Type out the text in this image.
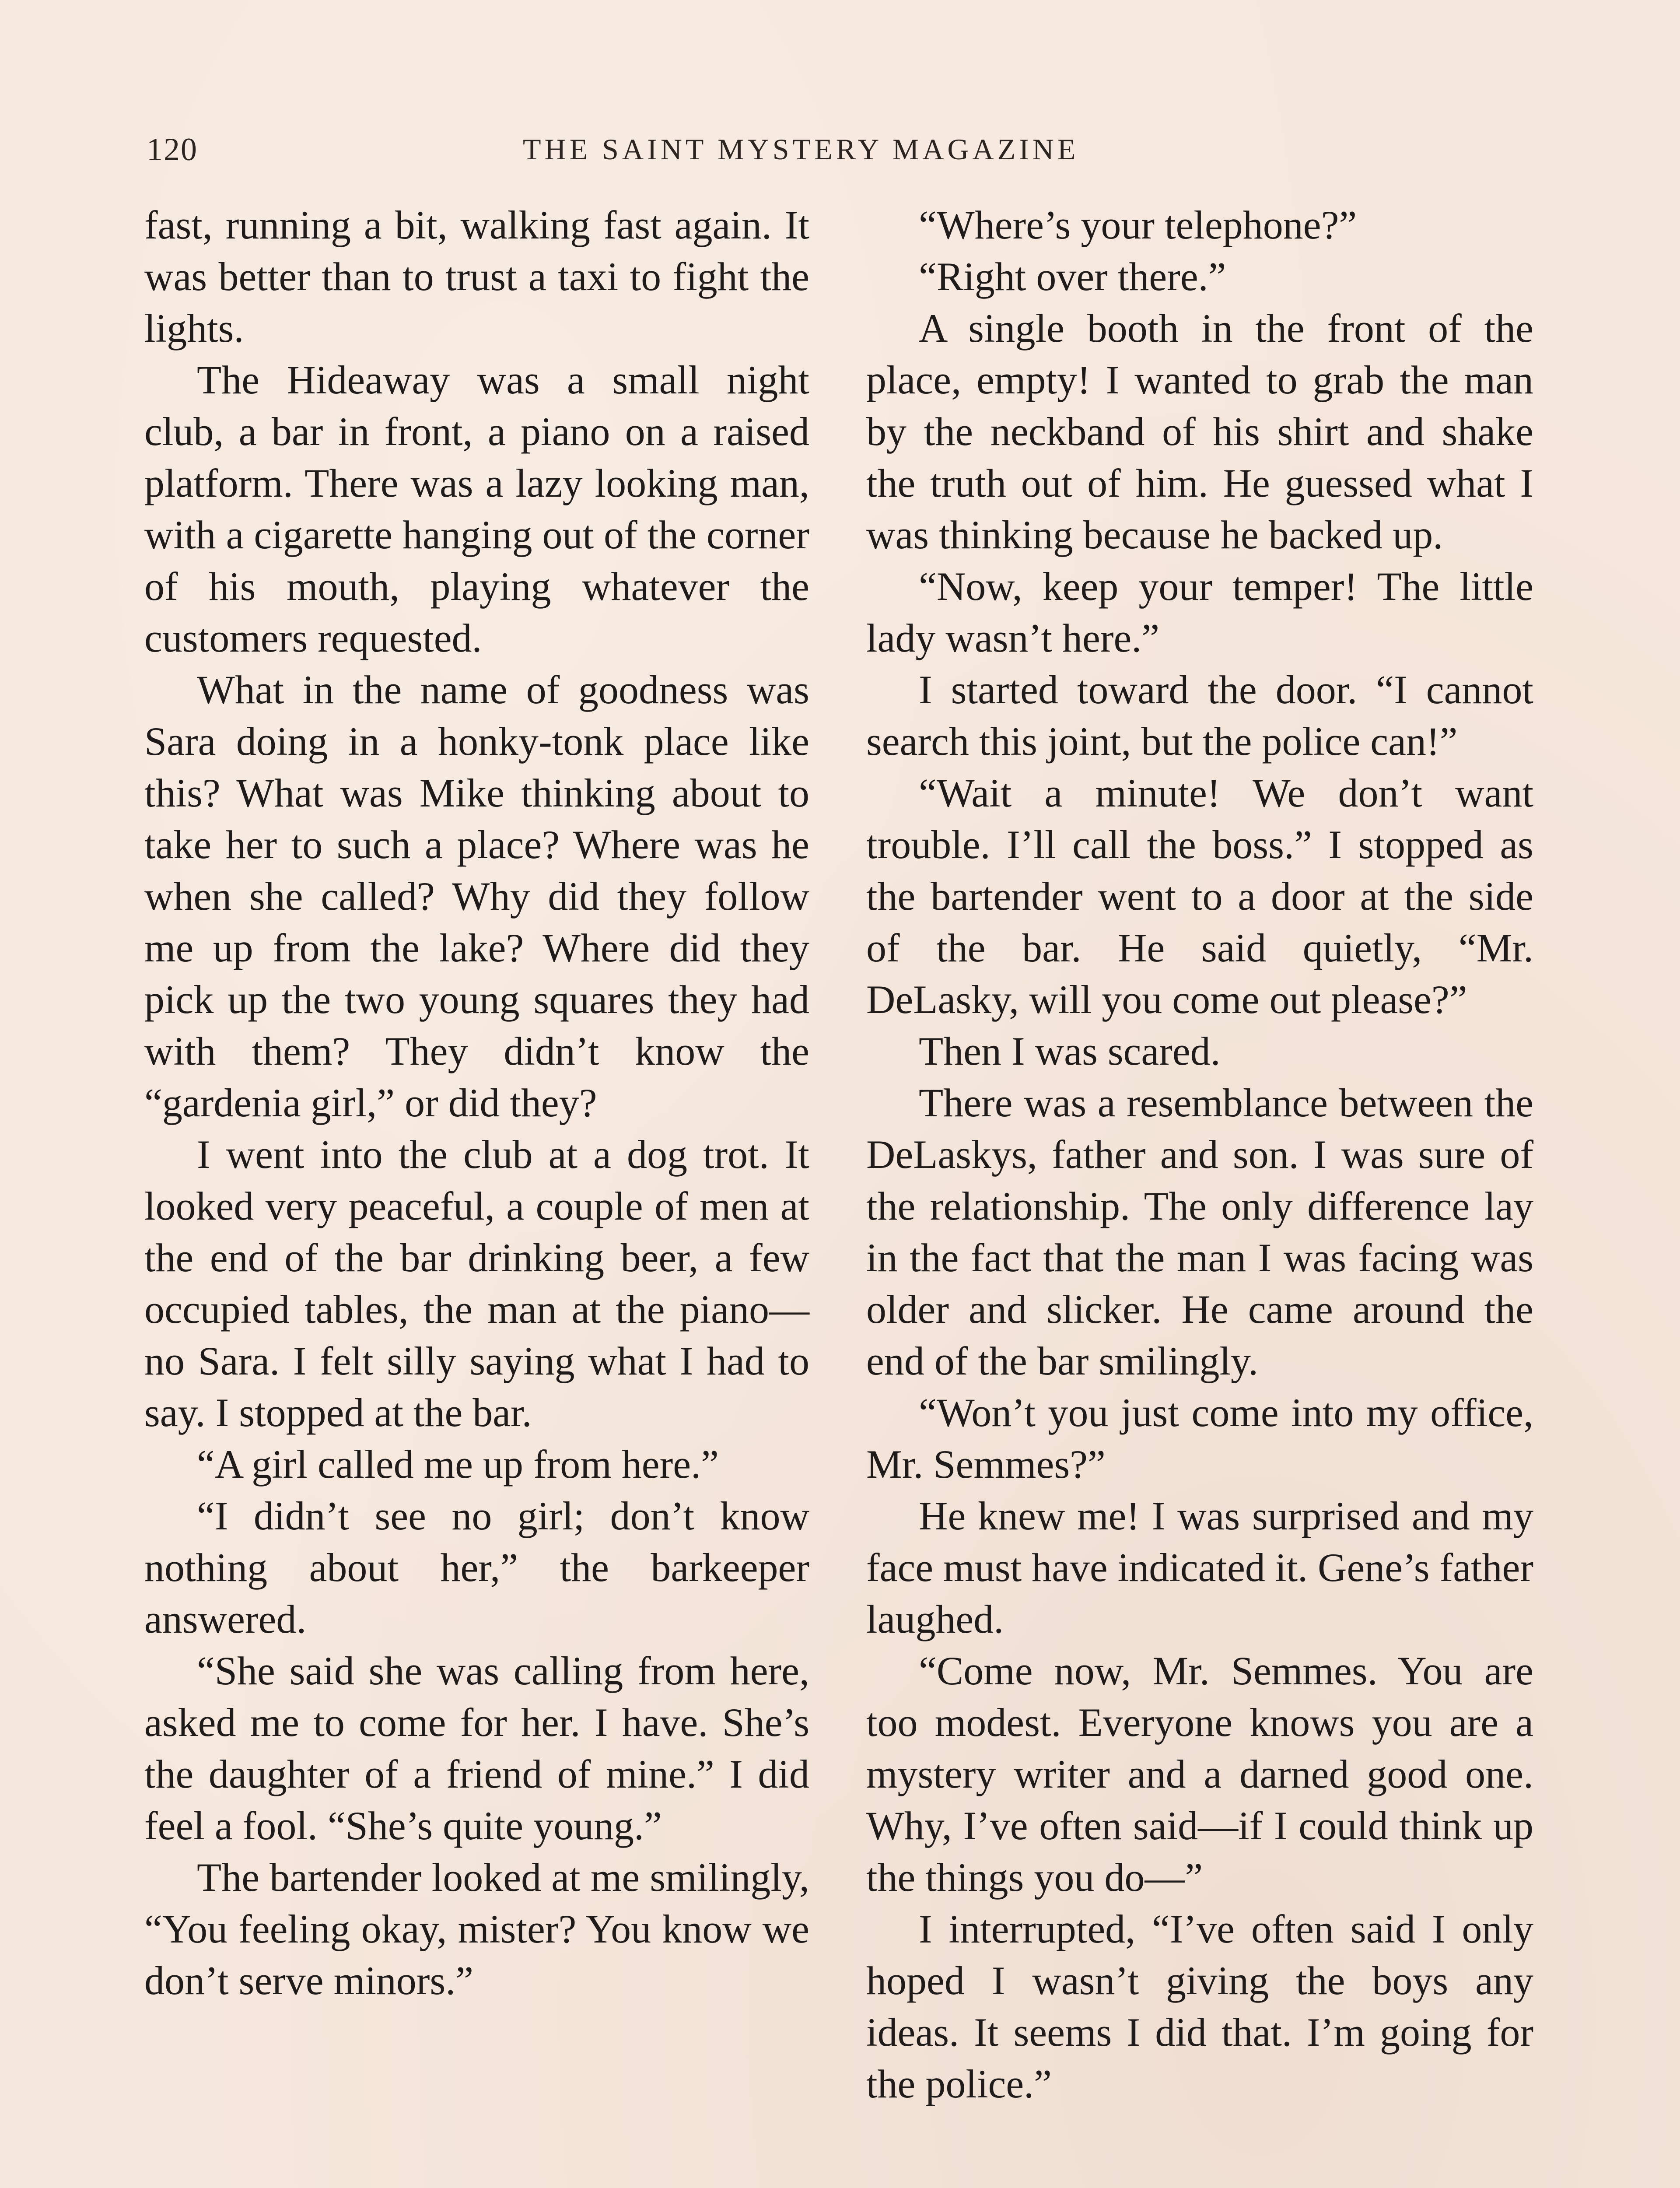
120	THE SAINT MYSTERY MAGAZINE

fast, running a bit, walking fast again. It was better than to trust a taxi to fight the lights.

The Hideaway was a small night club, a bar in front, a piano on a raised platform. There was a lazy looking man, with a cigarette hanging out of the corner of his mouth, playing whatever the customers requested.

What in the name of goodness was Sara doing in a honky-tonk place like this? What was Mike thinking about to take her to such a place? Where was he when she called? Why did they follow me up from the lake? Where did they pick up the two young squares they had with them? They didn’t know the “gardenia girl,” or did they?

I went into the club at a dog trot. It looked very peaceful, a couple of men at the end of the bar drinking beer, a few occupied tables, the man at the piano—no Sara. I felt silly saying what I had to say. I stopped at the bar.

“A girl called me up from here.”

“I didn’t see no girl; don’t know nothing about her,” the barkeeper answered.

“She said she was calling from here, asked me to come for her. I have. She’s the daughter of a friend of mine.” I did feel a fool. “She’s quite young.”

The bartender looked at me smilingly, “You feeling okay, mister? You know we don’t serve minors.”

“Where’s your telephone?”

“Right over there.”

A single booth in the front of the place, empty! I wanted to grab the man by the neckband of his shirt and shake the truth out of him. He guessed what I was thinking because he backed up.

“Now, keep your temper! The little lady wasn’t here.”

I started toward the door. “I cannot search this joint, but the police can!”

“Wait a minute! We don’t want trouble. I’ll call the boss.” I stopped as the bartender went to a door at the side of the bar. He said quietly, “Mr. DeLasky, will you come out please?”

Then I was scared.

There was a resemblance between the DeLaskys, father and son. I was sure of the relationship. The only difference lay in the fact that the man I was facing was older and slicker. He came around the end of the bar smilingly.

“Won’t you just come into my office, Mr. Semmes?”

He knew me! I was surprised and my face must have indicated it. Gene’s father laughed.

“Come now, Mr. Semmes. You are too modest. Everyone knows you are a mystery writer and a darned good one. Why, I’ve often said—if I could think up the things you do—”

I interrupted, “I’ve often said I only hoped I wasn’t giving the boys any ideas. It seems I did that. I’m going for the police.”
